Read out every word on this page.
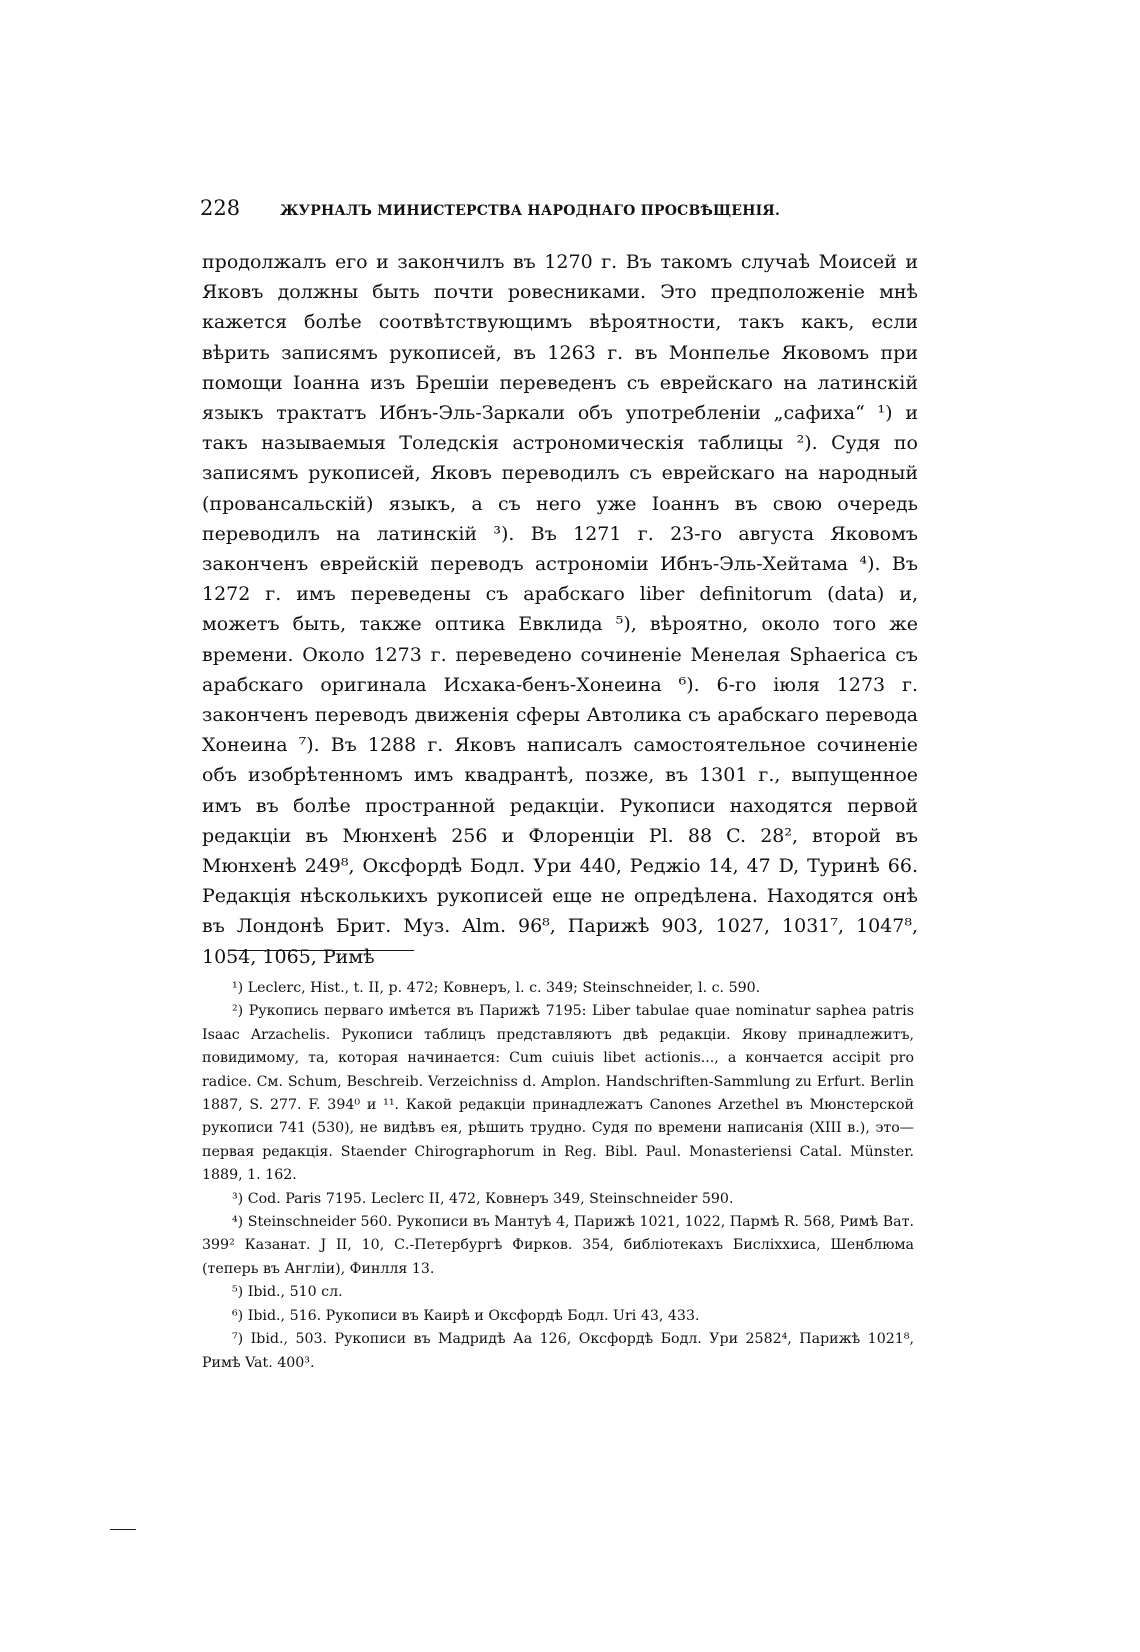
228	ЖУРНАЛЪ МИНИСТЕРСТВА НАРОДНАГО ПРОСВѢЩЕНІЯ.

продолжалъ его и закончилъ въ 1270 г. Въ такомъ случаѣ Моисей и Яковъ должны быть почти ровесниками. Это предположеніе мнѣ кажется болѣе соотвѣтствующимъ вѣроятности, такъ какъ, если вѣрить записямъ рукописей, въ 1263 г. въ Монпелье Яковомъ при помощи Іоанна изъ Брешіи переведенъ съ еврейскаго на латинскій языкъ трактатъ Ибнъ-Эль-Заркали объ употребленіи „сафиха“ ¹) и такъ называемыя Толедскія астрономическія таблицы ²). Судя по записямъ рукописей, Яковъ переводилъ съ еврейскаго на народный (провансальскій) языкъ, а съ него уже Іоаннъ въ свою очередь переводилъ на латинскій ³). Въ 1271 г. 23-го августа Яковомъ законченъ еврейскій переводъ астрономіи Ибнъ-Эль-Хейтама ⁴). Въ 1272 г. имъ переведены съ арабскаго liber definitorum (data) и, можетъ быть, также оптика Евклида ⁵), вѣроятно, около того же времени. Около 1273 г. переведено сочиненіе Менелая Sphaerica съ арабскаго оригинала Исхака-бенъ-Хонеина ⁶). 6-го іюля 1273 г. законченъ переводъ движенія сферы Автолика съ арабскаго перевода Хонеина ⁷). Въ 1288 г. Яковъ написалъ самостоятельное сочиненіе объ изобрѣтенномъ имъ квадрантѣ, позже, въ 1301 г., выпущенное имъ въ болѣе пространной редакціи. Рукописи находятся первой редакціи въ Мюнхенѣ 256 и Флоренціи Pl. 88 C. 28², второй въ Мюнхенѣ 249⁸, Оксфордѣ Бодл. Ури 440, Реджіо 14, 47 D, Туринѣ 66. Редакція нѣсколькихъ рукописей еще не опредѣлена. Находятся онѣ въ Лондонѣ Брит. Муз. Alm. 96⁸, Парижѣ 903, 1027, 1031⁷, 1047⁸, 1054, 1065, Римѣ

¹) Leclerc, Hist., t. II, p. 472; Ковнеръ, l. c. 349; Steinschneider, l. c. 590.

²) Рукопись перваго имѣется въ Парижѣ 7195: Liber tabulae quae nominatur sapheа patris Isaac Arzachelis. Рукописи таблицъ представляютъ двѣ редакціи. Якову принадлежитъ, повидимому, та, которая начинается: Cum cuiuis libet actionis..., а кончается accipit pro radice. См. Schum, Beschreib. Verzeichniss d. Amplon. Handschriften-Sammlung zu Erfurt. Berlin 1887, S. 277. F. 394⁰ и ¹¹. Какой редакціи принадлежатъ Canones Arzethel въ Мюнстерской рукописи 741 (530), не видѣвъ ея, рѣшить трудно. Судя по времени написанія (XIII в.), это—первая редакція. Staender Chirographorum in Reg. Bibl. Paul. Monasteriensi Catal. Münster. 1889, 1. 162.

³) Cod. Paris 7195. Leclerc II, 472, Ковнеръ 349, Steinschneider 590.

⁴) Steinschneider 560. Рукописи въ Мантуѣ 4, Парижѣ 1021, 1022, Пармѣ R. 568, Римѣ Ват. 399² Казанат. J II, 10, С.-Петербургѣ Фирков. 354, библіотекахъ Бисліххиса, Шенблюма (теперь въ Англіи), Финлля 13.

⁵) Ibid., 510 сл.

⁶) Ibid., 516. Рукописи въ Каирѣ и Оксфордѣ Бодл. Uri 43, 433.

⁷) Ibid., 503. Рукописи въ Мадридѣ Аа 126, Оксфордѣ Бодл. Ури 2582⁴, Парижѣ 1021⁸, Римѣ Vat. 400³.
